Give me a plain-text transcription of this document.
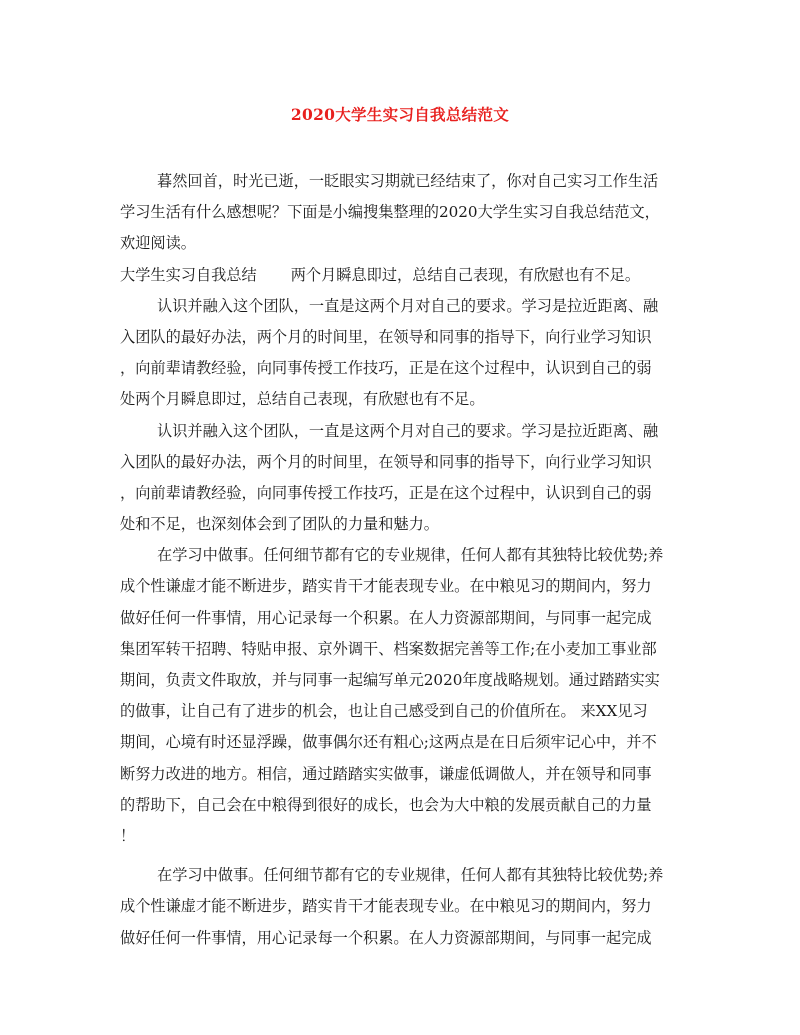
2020大学生实习自我总结范文
暮然回首，时光已逝，一眨眼实习期就已经结束了，你对自己实习工作生活
学习生活有什么感想呢？下面是小编搜集整理的2020大学生实习自我总结范文，
欢迎阅读。
大学生实习自我总结 两个月瞬息即过，总结自己表现，有欣慰也有不足。
认识并融入这个团队，一直是这两个月对自己的要求。学习是拉近距离、融
入团队的最好办法，两个月的时间里，在领导和同事的指导下，向行业学习知识
，向前辈请教经验，向同事传授工作技巧，正是在这个过程中，认识到自己的弱
处两个月瞬息即过，总结自己表现，有欣慰也有不足。
认识并融入这个团队，一直是这两个月对自己的要求。学习是拉近距离、融
入团队的最好办法，两个月的时间里，在领导和同事的指导下，向行业学习知识
，向前辈请教经验，向同事传授工作技巧，正是在这个过程中，认识到自己的弱
处和不足，也深刻体会到了团队的力量和魅力。
在学习中做事。任何细节都有它的专业规律，任何人都有其独特比较优势;养
成个性谦虚才能不断进步，踏实肯干才能表现专业。在中粮见习的期间内，努力
做好任何一件事情，用心记录每一个积累。在人力资源部期间，与同事一起完成
集团军转干招聘、特贴申报、京外调干、档案数据完善等工作;在小麦加工事业部
期间，负责文件取放，并与同事一起编写单元2020年度战略规划。通过踏踏实实
的做事，让自己有了进步的机会，也让自己感受到自己的价值所在。 来XX见习
期间，心境有时还显浮躁，做事偶尔还有粗心;这两点是在日后须牢记心中，并不
断努力改进的地方。相信，通过踏踏实实做事，谦虚低调做人，并在领导和同事
的帮助下，自己会在中粮得到很好的成长，也会为大中粮的发展贡献自己的力量
！
在学习中做事。任何细节都有它的专业规律，任何人都有其独特比较优势;养
成个性谦虚才能不断进步，踏实肯干才能表现专业。在中粮见习的期间内，努力
做好任何一件事情，用心记录每一个积累。在人力资源部期间，与同事一起完成
